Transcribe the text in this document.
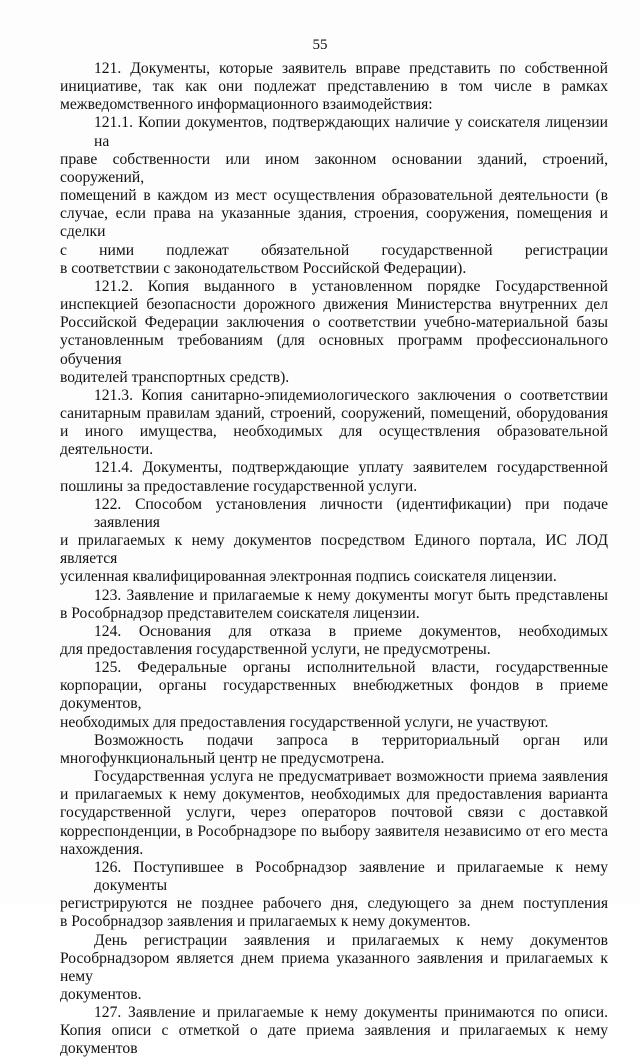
55
121. Документы, которые заявитель вправе представить по собственной
инициативе, так как они подлежат представлению в том числе в рамках
межведомственного информационного взаимодействия:
121.1. Копии документов, подтверждающих наличие у соискателя лицензии на
праве собственности или ином законном основании зданий, строений, сооружений,
помещений в каждом из мест осуществления образовательной деятельности (в
случае, если права на указанные здания, строения, сооружения, помещения и сделки
с ними подлежат обязательной государственной регистрации
в соответствии с законодательством Российской Федерации).
121.2. Копия выданного в установленном порядке Государственной
инспекцией безопасности дорожного движения Министерства внутренних дел
Российской Федерации заключения о соответствии учебно-материальной базы
установленным требованиям (для основных программ профессионального обучения
водителей транспортных средств).
121.3. Копия санитарно-эпидемиологического заключения о соответствии
санитарным правилам зданий, строений, сооружений, помещений, оборудования
и иного имущества, необходимых для осуществления образовательной
деятельности.
121.4. Документы, подтверждающие уплату заявителем государственной
пошлины за предоставление государственной услуги.
122. Способом установления личности (идентификации) при подаче заявления
и прилагаемых к нему документов посредством Единого портала, ИС ЛОД является
усиленная квалифицированная электронная подпись соискателя лицензии.
123. Заявление и прилагаемые к нему документы могут быть представлены
в Рособрнадзор представителем соискателя лицензии.
124. Основания для отказа в приеме документов, необходимых
для предоставления государственной услуги, не предусмотрены.
125. Федеральные органы исполнительной власти, государственные
корпорации, органы государственных внебюджетных фондов в приеме документов,
необходимых для предоставления государственной услуги, не участвуют.
Возможность подачи запроса в территориальный орган или
многофункциональный центр не предусмотрена.
Государственная услуга не предусматривает возможности приема заявления
и прилагаемых к нему документов, необходимых для предоставления варианта
государственной услуги, через операторов почтовой связи с доставкой
корреспонденции, в Рособрнадзоре по выбору заявителя независимо от его места
нахождения.
126. Поступившее в Рособрнадзор заявление и прилагаемые к нему документы
регистрируются не позднее рабочего дня, следующего за днем поступления
в Рособрнадзор заявления и прилагаемых к нему документов.
День регистрации заявления и прилагаемых к нему документов
Рособрнадзором является днем приема указанного заявления и прилагаемых к нему
документов.
127. Заявление и прилагаемые к нему документы принимаются по описи.
Копия описи с отметкой о дате приема заявления и прилагаемых к нему документов
